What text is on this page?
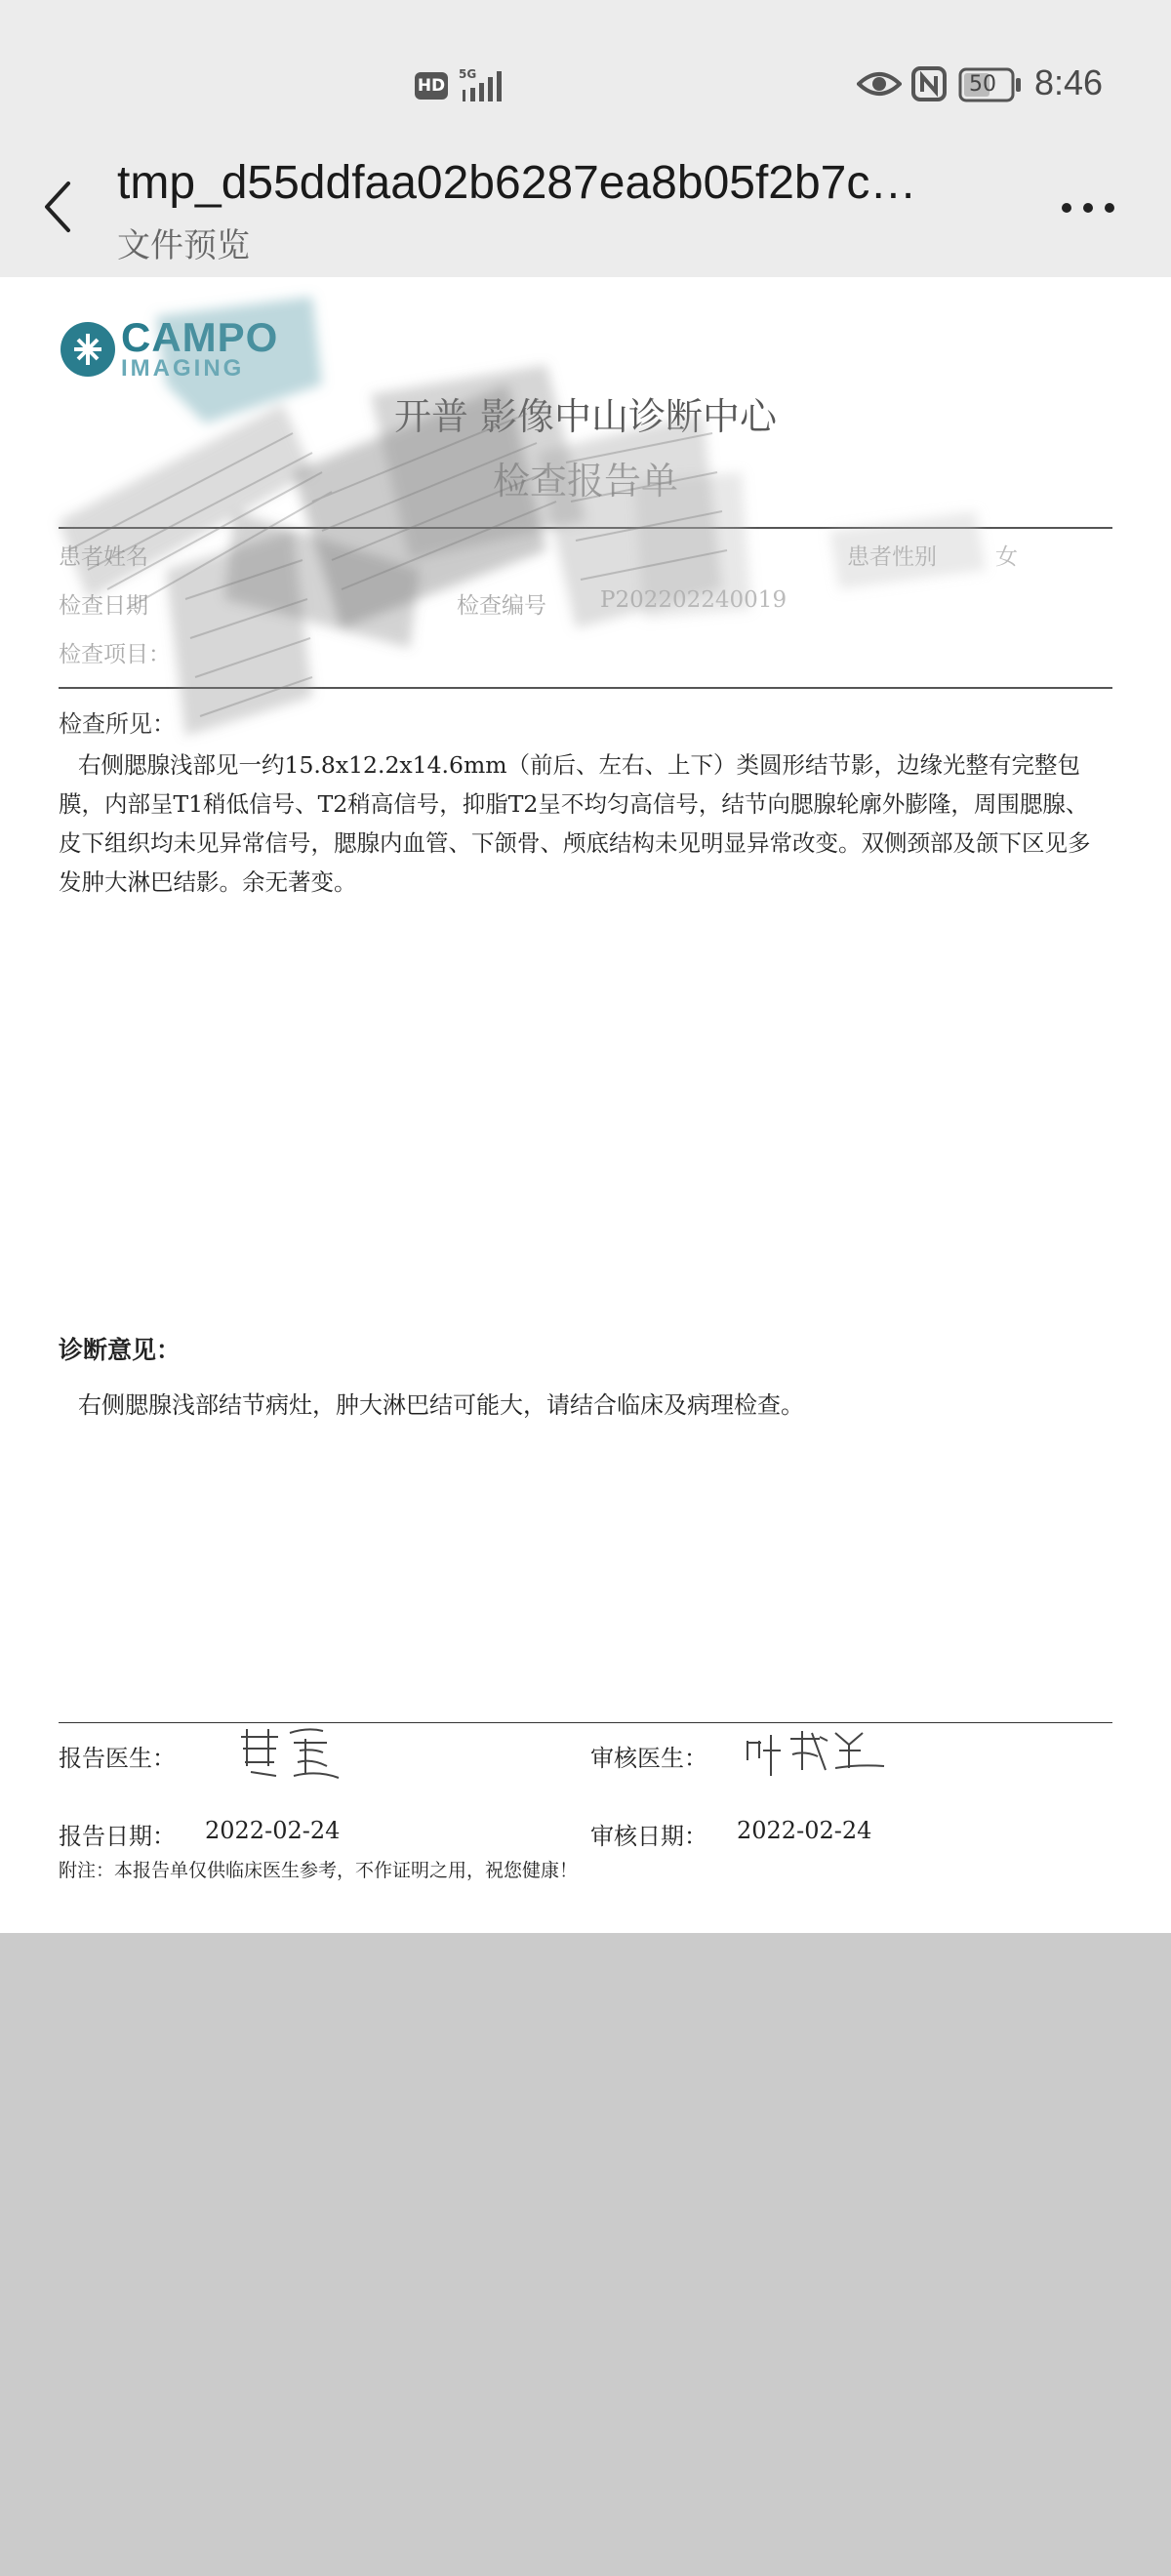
HD
5G	50	8:46
tmp_d55ddfaa02b6287ea8b05f2b7c…
文件预览
CAMPO
IMAGING
开普 影像中山诊断中心
检查报告单
患者姓名	患者性别	女
检查日期	检查编号 P202202240019
检查项目：
检查所见：
右侧腮腺浅部见一约15.8x12.2x14.6mm（前后、左右、上下）类圆形结节影，边缘光整有完整包膜，内部呈T1稍低信号、T2稍高信号，抑脂T2呈不均匀高信号，结节向腮腺轮廓外膨隆，周围腮腺、皮下组织均未见异常信号，腮腺内血管、下颌骨、颅底结构未见明显异常改变。双侧颈部及颌下区见多发肿大淋巴结影。余无著变。
诊断意见：
右侧腮腺浅部结节病灶，肿大淋巴结可能大，请结合临床及病理检查。
报告医生：	审核医生：
报告日期： 2022-02-24	审核日期： 2022-02-24
附注：本报告单仅供临床医生参考，不作证明之用，祝您健康！
